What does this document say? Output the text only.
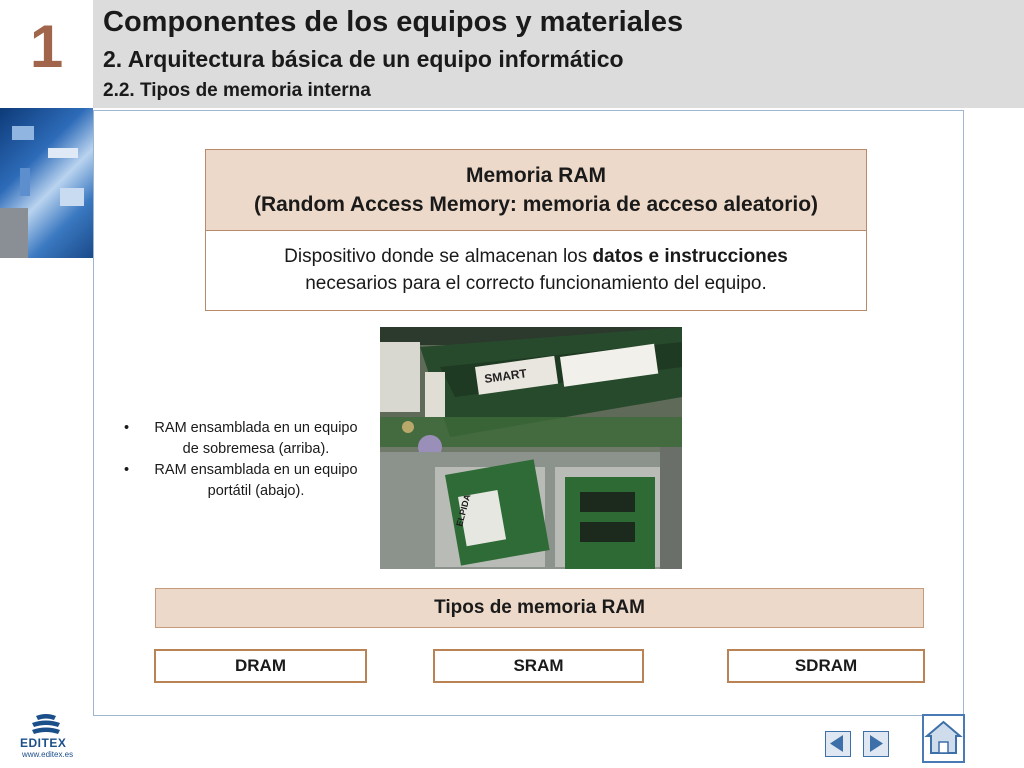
1	Componentes de los equipos y materiales
2. Arquitectura básica de un equipo informático
2.2. Tipos de memoria interna
Memoria RAM
(Random Access Memory: memoria de acceso aleatorio)
Dispositivo donde se almacenan los datos e instrucciones
necesarios para el correcto funcionamiento del equipo.
• RAM ensamblada en un equipo
de sobremesa (arriba).
• RAM ensamblada en un equipo
portátil (abajo).
SMART
ELPIDA
Tipos de memoria RAM
DRAM	SRAM	SDRAM
EDITEX
www.editex.es
